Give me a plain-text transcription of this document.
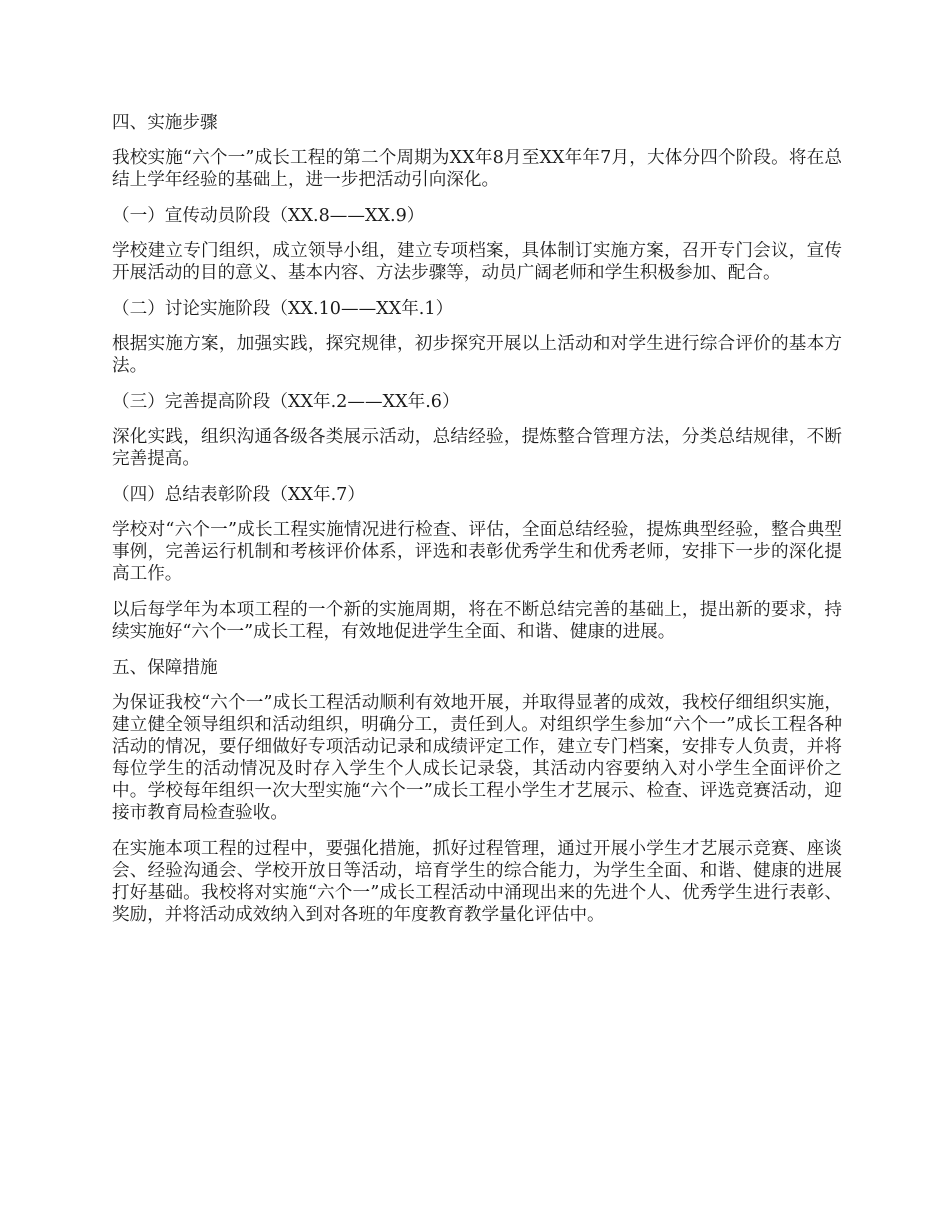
四、实施步骤

我校实施“六个一”成长工程的第二个周期为XX年8月至XX年年7月，大体分四个阶段。将在总结上学年经验的基础上，进一步把活动引向深化。

（一）宣传动员阶段（XX.8——XX.9）

学校建立专门组织，成立领导小组，建立专项档案，具体制订实施方案，召开专门会议，宣传开展活动的目的意义、基本内容、方法步骤等，动员广阔老师和学生积极参加、配合。

（二）讨论实施阶段（XX.10——XX年.1）

根据实施方案，加强实践，探究规律，初步探究开展以上活动和对学生进行综合评价的基本方法。

（三）完善提高阶段（XX年.2——XX年.6）

深化实践，组织沟通各级各类展示活动，总结经验，提炼整合管理方法，分类总结规律，不断完善提高。

（四）总结表彰阶段（XX年.7）

学校对“六个一”成长工程实施情况进行检查、评估，全面总结经验，提炼典型经验，整合典型事例，完善运行机制和考核评价体系，评选和表彰优秀学生和优秀老师，安排下一步的深化提高工作。

以后每学年为本项工程的一个新的实施周期，将在不断总结完善的基础上，提出新的要求，持续实施好“六个一”成长工程，有效地促进学生全面、和谐、健康的进展。

五、保障措施

为保证我校“六个一”成长工程活动顺利有效地开展，并取得显著的成效，我校仔细组织实施，建立健全领导组织和活动组织，明确分工，责任到人。对组织学生参加“六个一”成长工程各种活动的情况，要仔细做好专项活动记录和成绩评定工作，建立专门档案，安排专人负责，并将每位学生的活动情况及时存入学生个人成长记录袋，其活动内容要纳入对小学生全面评价之中。学校每年组织一次大型实施“六个一”成长工程小学生才艺展示、检查、评选竞赛活动，迎接市教育局检查验收。

在实施本项工程的过程中，要强化措施，抓好过程管理，通过开展小学生才艺展示竞赛、座谈会、经验沟通会、学校开放日等活动，培育学生的综合能力，为学生全面、和谐、健康的进展打好基础。我校将对实施“六个一”成长工程活动中涌现出来的先进个人、优秀学生进行表彰、奖励，并将活动成效纳入到对各班的年度教育教学量化评估中。
